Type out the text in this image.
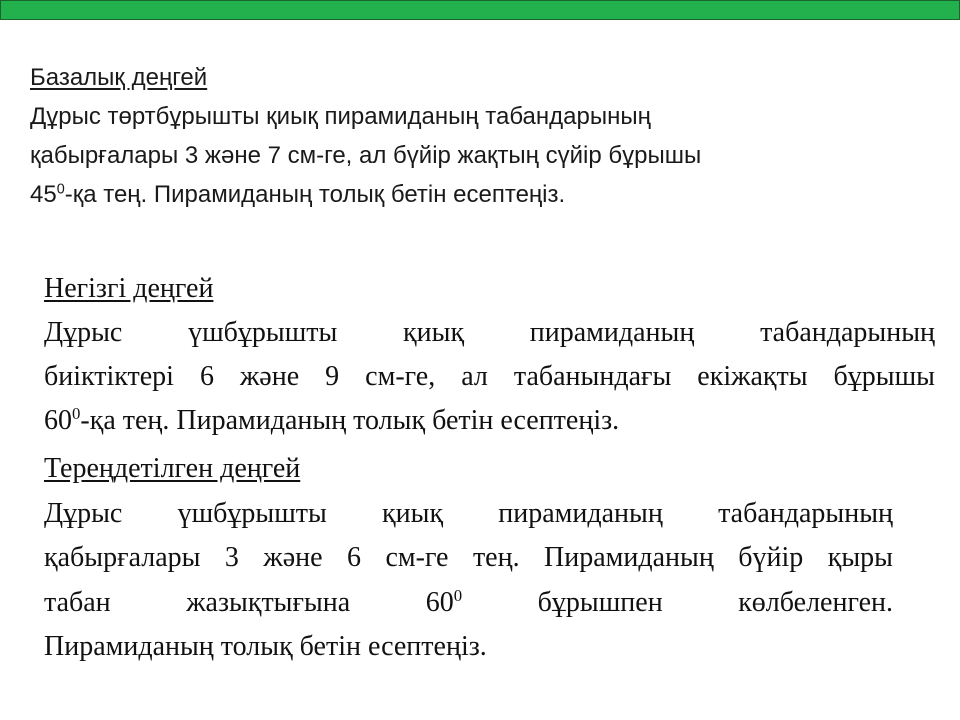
Базалық деңгей
Дұрыс төртбұрышты қиық пирамиданың табандарының
қабырғалары 3 және 7 см-ге, ал бүйір жақтың сүйір бұрышы
$45^0-қа$ тең. Пирамиданың толық бетін есептеңіз.
Негізгі деңгей
Дұрыс үшбұрышты қиық пирамиданың табандарының
биіктіктері 6 және 9 см-ге, ал табанындағы екіжақты бұрышы
$60^0-қа$ тең. Пирамиданың толық бетін есептеңіз.
Тереңдетілген деңгей
Дұрыс үшбұрышты қиық пирамиданың табандарының
қабырғалары 3 және 6 см-ге тең. Пирамиданың бүйір қыры
табан жазықтығына $60^0$ бұрышпен көлбеленген.
Пирамиданың толық бетін есептеңіз.
